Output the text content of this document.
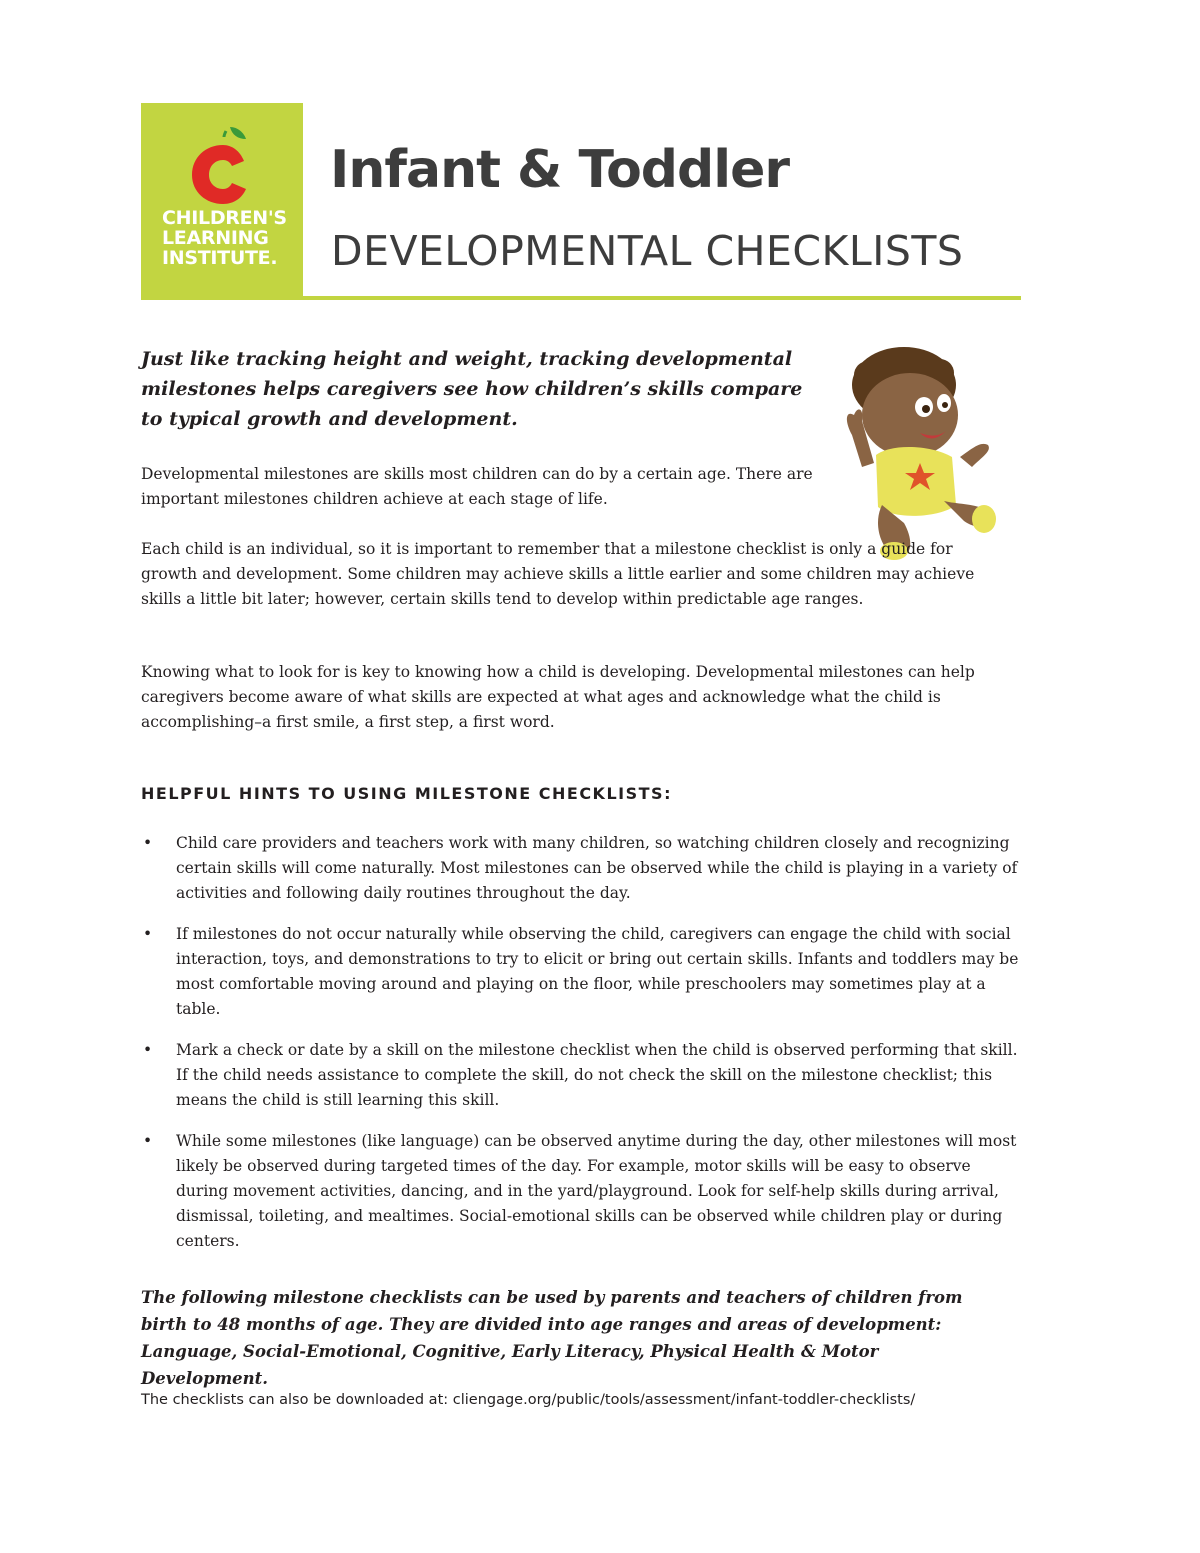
CHILDREN'S
LEARNING
INSTITUTE.
Infant & Toddler
DEVELOPMENTAL CHECKLISTS

Just like tracking height and weight, tracking developmental milestones helps caregivers see how children’s skills compare to typical growth and development.

Developmental milestones are skills most children can do by a certain age. There are important milestones children achieve at each stage of life.

Each child is an individual, so it is important to remember that a milestone checklist is only a guide for growth and development. Some children may achieve skills a little earlier and some children may achieve skills a little bit later; however, certain skills tend to develop within predictable age ranges.

Knowing what to look for is key to knowing how a child is developing. Developmental milestones can help caregivers become aware of what skills are expected at what ages and acknowledge what the child is accomplishing–a first smile, a first step, a first word.

HELPFUL HINTS TO USING MILESTONE CHECKLISTS:
• Child care providers and teachers work with many children, so watching children closely and recognizing certain skills will come naturally. Most milestones can be observed while the child is playing in a variety of activities and following daily routines throughout the day.
• If milestones do not occur naturally while observing the child, caregivers can engage the child with social interaction, toys, and demonstrations to try to elicit or bring out certain skills. Infants and toddlers may be most comfortable moving around and playing on the floor, while preschoolers may sometimes play at a table.
• Mark a check or date by a skill on the milestone checklist when the child is observed performing that skill. If the child needs assistance to complete the skill, do not check the skill on the milestone checklist; this means the child is still learning this skill.
• While some milestones (like language) can be observed anytime during the day, other milestones will most likely be observed during targeted times of the day. For example, motor skills will be easy to observe during movement activities, dancing, and in the yard/playground. Look for self-help skills during arrival, dismissal, toileting, and mealtimes. Social-emotional skills can be observed while children play or during centers.

The following milestone checklists can be used by parents and teachers of children from birth to 48 months of age. They are divided into age ranges and areas of development: Language, Social-Emotional, Cognitive, Early Literacy, Physical Health & Motor Development.

The checklists can also be downloaded at: cliengage.org/public/tools/assessment/infant-toddler-checklists/
